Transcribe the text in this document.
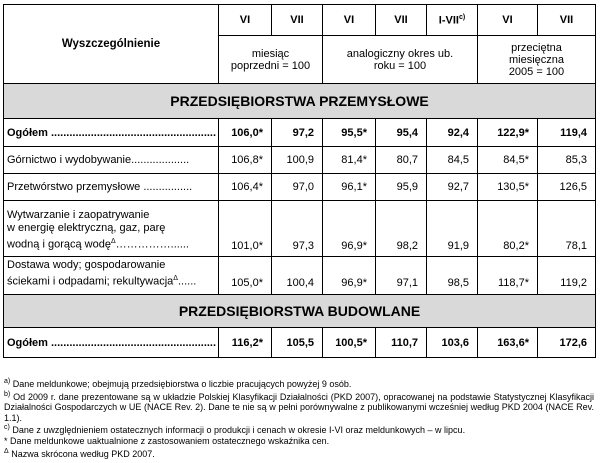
Wyszczególnienie	VI	VII	VI	VII	I-VII$^{c)}$	VI	VII
	miesiąc poprzedni = 100		analogiczny okres ub. roku = 100			przeciętna miesięczna 2005 = 100	
PRZEDSIĘBIORSTWA PRZEMYSŁOWE							
Ogółem ......................................................	106,0*	97,2	95,5*	95,4	92,4	122,9*	119,4
Górnictwo i wydobywanie...................	106,8*	100,9	81,4*	80,7	84,5	84,5*	85,3
Przetwórstwo przemysłowe ................	106,4*	97,0	96,1*	95,9	92,7	130,5*	126,5

Wytwarzanie i zaopatrywanie
w energię elektryczną, gaz, parę
wodną i gorącą wodę$^\Delta$……………......	101,0*	97,3	96,9*	98,2	91,9	80,2*	78,1

Dostawa wody; gospodarowanie
ściekami i odpadami; rekultywacja$^\Delta$......	105,0*	100,4	96,9*	97,1	98,5	118,7*	119,2
PRZEDSIĘBIORSTWA BUDOWLANE							
Ogółem ......................................................	116,2*	105,5	100,5*	110,7	103,6	163,6*	172,6

$^{a)}$ Dane meldunkowe; obejmują przedsiębiorstwa o liczbie pracujących powyżej 9 osób.

$^{b)}$ Od 2009 r. dane prezentowane są w układzie Polskiej Klasyfikacji Działalności (PKD 2007), opracowanej na podstawie Statystycznej Klasyfikacji Działalności Gospodarczych w UE (NACE Rev. 2). Dane te nie są w pełni porównywalne z publikowanymi wcześniej według PKD 2004 (NACE Rev. 1.1).

$^{c)}$ Dane z uwzględnieniem ostatecznych informacji o produkcji i cenach w okresie I-VI oraz meldunkowych – w lipcu.

* Dane meldunkowe uaktualnione z zastosowaniem ostatecznego wskaźnika cen.

$^\Delta$ Nazwa skrócona według PKD 2007.
